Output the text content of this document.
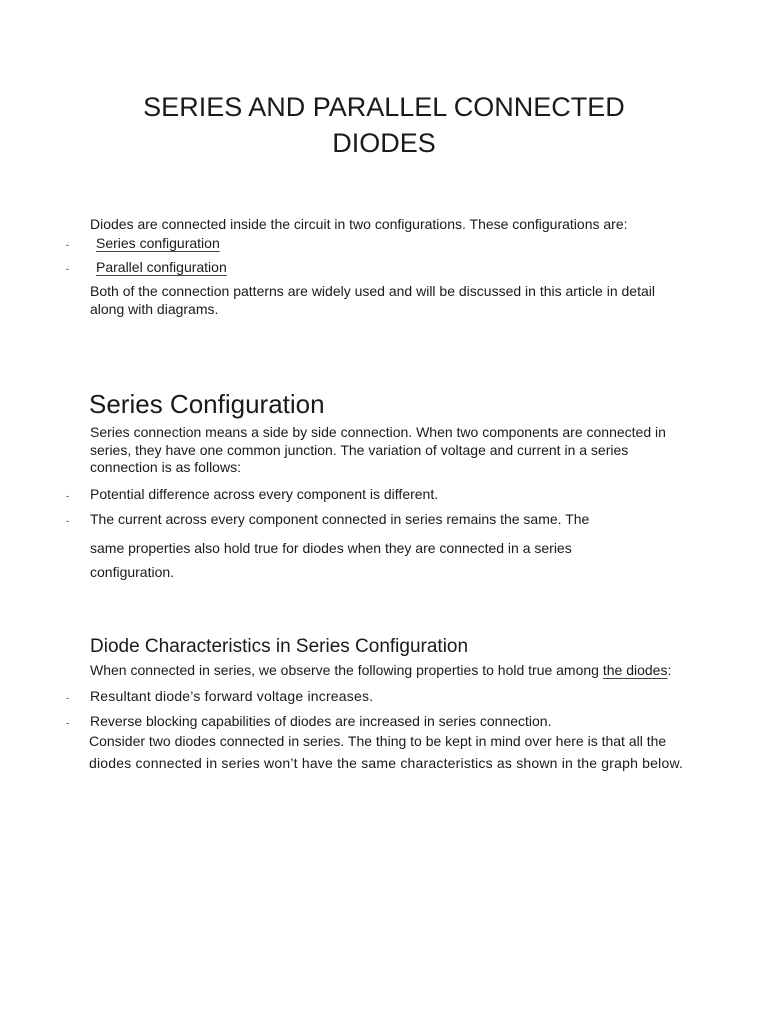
SERIES AND PARALLEL CONNECTED
DIODES

Diodes are connected inside the circuit in two configurations. These configurations are:

- Series configuration
- Parallel configuration

Both of the connection patterns are widely used and will be discussed in this article in detail

along with diagrams.

Series Configuration

Series connection means a side by side connection. When two components are connected in

series, they have one common junction. The variation of voltage and current in a series

connection is as follows:

- Potential difference across every component is different.

- The current across every component connected in series remains the same. The

same properties also hold true for diodes when they are connected in a series

configuration.

Diode Characteristics in Series Configuration

When connected in series, we observe the following properties to hold true among the diodes:

- Resultant diode’s forward voltage increases.

- Reverse blocking capabilities of diodes are increased in series connection.

Consider two diodes connected in series. The thing to be kept in mind over here is that all the

diodes connected in series won’t have the same characteristics as shown in the graph below.
